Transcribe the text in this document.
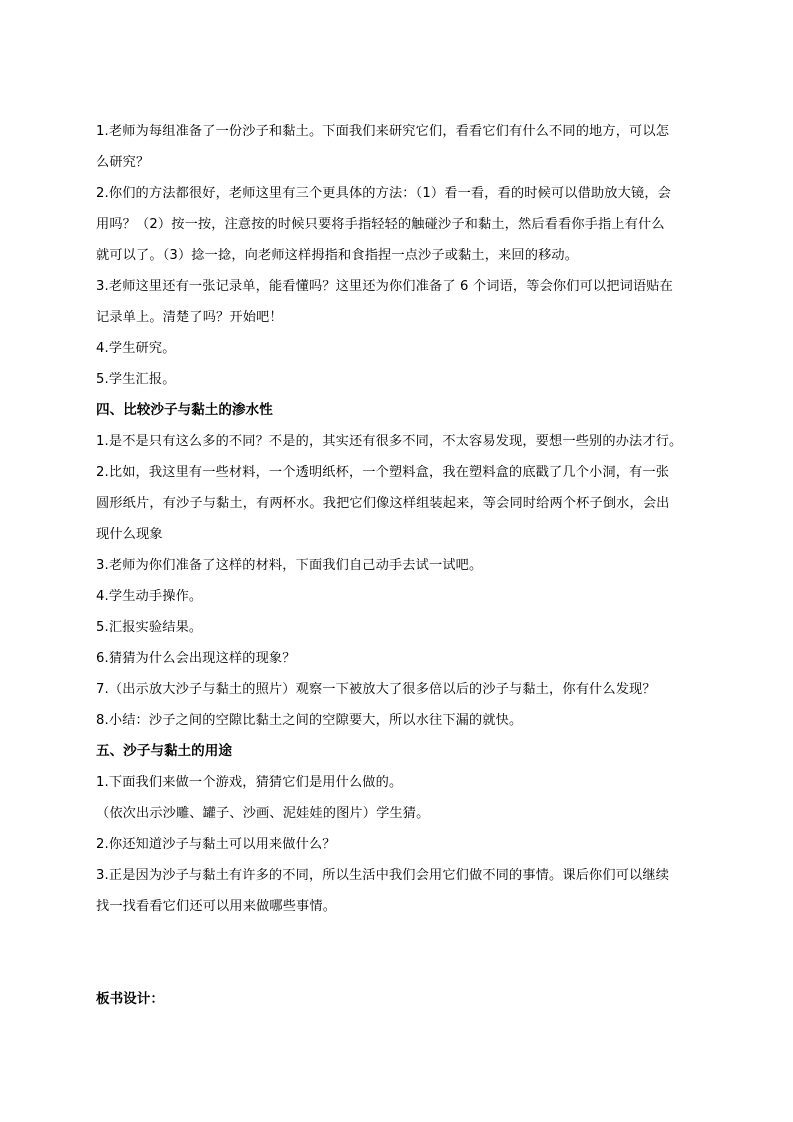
1.老师为每组准备了一份沙子和黏土。下面我们来研究它们，看看它们有什么不同的地方，可以怎
么研究？
2.你们的方法都很好，老师这里有三个更具体的方法：（1）看一看，看的时候可以借助放大镜，会
用吗？（2）按一按，注意按的时候只要将手指轻轻的触碰沙子和黏土，然后看看你手指上有什么
就可以了。（3）捻一捻，向老师这样拇指和食指捏一点沙子或黏土，来回的移动。
3.老师这里还有一张记录单，能看懂吗？这里还为你们准备了 6 个词语，等会你们可以把词语贴在
记录单上。清楚了吗？开始吧！
4.学生研究。
5.学生汇报。
四、比较沙子与黏土的渗水性
1.是不是只有这么多的不同？不是的，其实还有很多不同，不太容易发现，要想一些别的办法才行。
2.比如，我这里有一些材料，一个透明纸杯，一个塑料盒，我在塑料盒的底戳了几个小洞，有一张
圆形纸片，有沙子与黏土，有两杯水。我把它们像这样组装起来，等会同时给两个杯子倒水，会出
现什么现象
3.老师为你们准备了这样的材料，下面我们自己动手去试一试吧。
4.学生动手操作。
5.汇报实验结果。
6.猜猜为什么会出现这样的现象？
7.（出示放大沙子与黏土的照片）观察一下被放大了很多倍以后的沙子与黏土，你有什么发现？
8.小结：沙子之间的空隙比黏土之间的空隙要大，所以水往下漏的就快。
五、沙子与黏土的用途
1.下面我们来做一个游戏，猜猜它们是用什么做的。
（依次出示沙雕、罐子、沙画、泥娃娃的图片）学生猜。
2.你还知道沙子与黏土可以用来做什么？
3.正是因为沙子与黏土有许多的不同，所以生活中我们会用它们做不同的事情。课后你们可以继续
找一找看看它们还可以用来做哪些事情。
板书设计：
